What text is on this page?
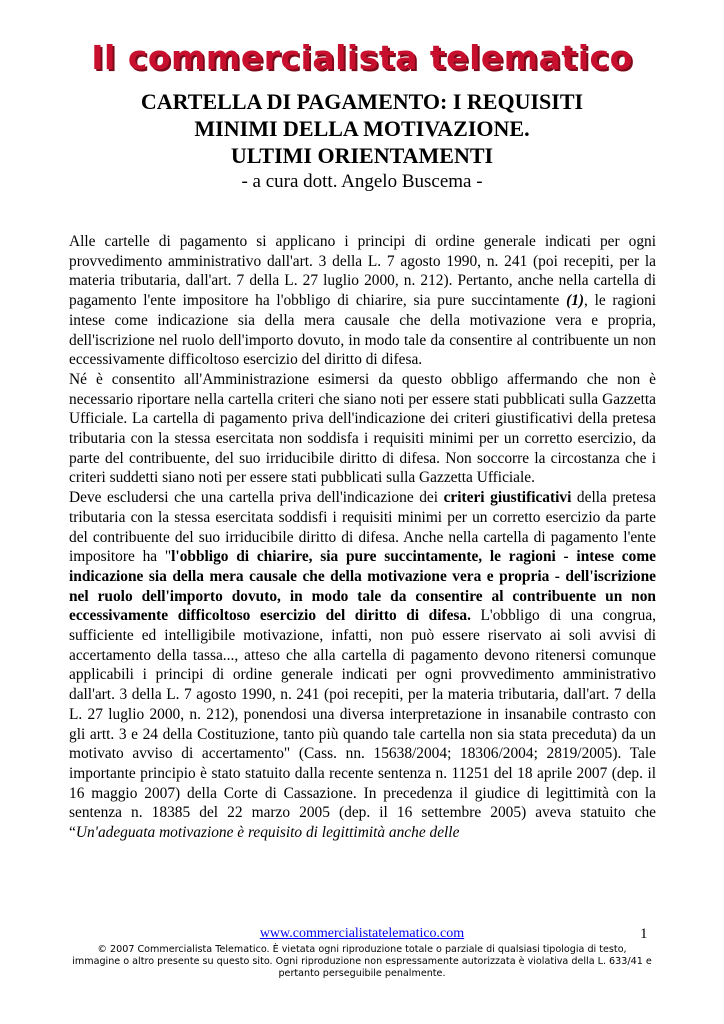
Il commercialista telematico
CARTELLA DI PAGAMENTO: I REQUISITI
MINIMI DELLA MOTIVAZIONE.
ULTIMI ORIENTAMENTI
- a cura dott. Angelo Buscema -

Alle cartelle di pagamento si applicano i principi di ordine generale indicati per ogni provvedimento amministrativo dall'art. 3 della L. 7 agosto 1990, n. 241 (poi recepiti, per la materia tributaria, dall'art. 7 della L. 27 luglio 2000, n. 212). Pertanto, anche nella cartella di pagamento l'ente impositore ha l'obbligo di chiarire, sia pure succintamente (1), le ragioni intese come indicazione sia della mera causale che della motivazione vera e propria, dell'iscrizione nel ruolo dell'importo dovuto, in modo tale da consentire al contribuente un non eccessivamente difficoltoso esercizio del diritto di difesa.

Né è consentito all'Amministrazione esimersi da questo obbligo affermando che non è necessario riportare nella cartella criteri che siano noti per essere stati pubblicati sulla Gazzetta Ufficiale. La cartella di pagamento priva dell'indicazione dei criteri giustificativi della pretesa tributaria con la stessa esercitata non soddisfa i requisiti minimi per un corretto esercizio, da parte del contribuente, del suo irriducibile diritto di difesa. Non soccorre la circostanza che i criteri suddetti siano noti per essere stati pubblicati sulla Gazzetta Ufficiale.

Deve escludersi che una cartella priva dell'indicazione dei criteri giustificativi della pretesa tributaria con la stessa esercitata soddisfi i requisiti minimi per un corretto esercizio da parte del contribuente del suo irriducibile diritto di difesa. Anche nella cartella di pagamento l'ente impositore ha "l'obbligo di chiarire, sia pure succintamente, le ragioni - intese come indicazione sia della mera causale che della motivazione vera e propria - dell'iscrizione nel ruolo dell'importo dovuto, in modo tale da consentire al contribuente un non eccessivamente difficoltoso esercizio del diritto di difesa. L'obbligo di una congrua, sufficiente ed intelligibile motivazione, infatti, non può essere riservato ai soli avvisi di accertamento della tassa..., atteso che alla cartella di pagamento devono ritenersi comunque applicabili i principi di ordine generale indicati per ogni provvedimento amministrativo dall'art. 3 della L. 7 agosto 1990, n. 241 (poi recepiti, per la materia tributaria, dall'art. 7 della L. 27 luglio 2000, n. 212), ponendosi una diversa interpretazione in insanabile contrasto con gli artt. 3 e 24 della Costituzione, tanto più quando tale cartella non sia stata preceduta) da un motivato avviso di accertamento" (Cass. nn. 15638/2004; 18306/2004; 2819/2005). Tale importante principio è stato statuito dalla recente sentenza n. 11251 del 18 aprile 2007 (dep. il 16 maggio 2007) della Corte di Cassazione. In precedenza il giudice di legittimità con la sentenza n. 18385 del 22 marzo 2005 (dep. il 16 settembre 2005) aveva statuito che “Un'adeguata motivazione è requisito di legittimità anche delle

www.commercialistatelematico.com	1
© 2007 Commercialista Telematico. È vietata ogni riproduzione totale o parziale di qualsiasi tipologia di testo, immagine o altro presente su questo sito. Ogni riproduzione non espressamente autorizzata è violativa della L. 633/41 e pertanto perseguibile penalmente.
